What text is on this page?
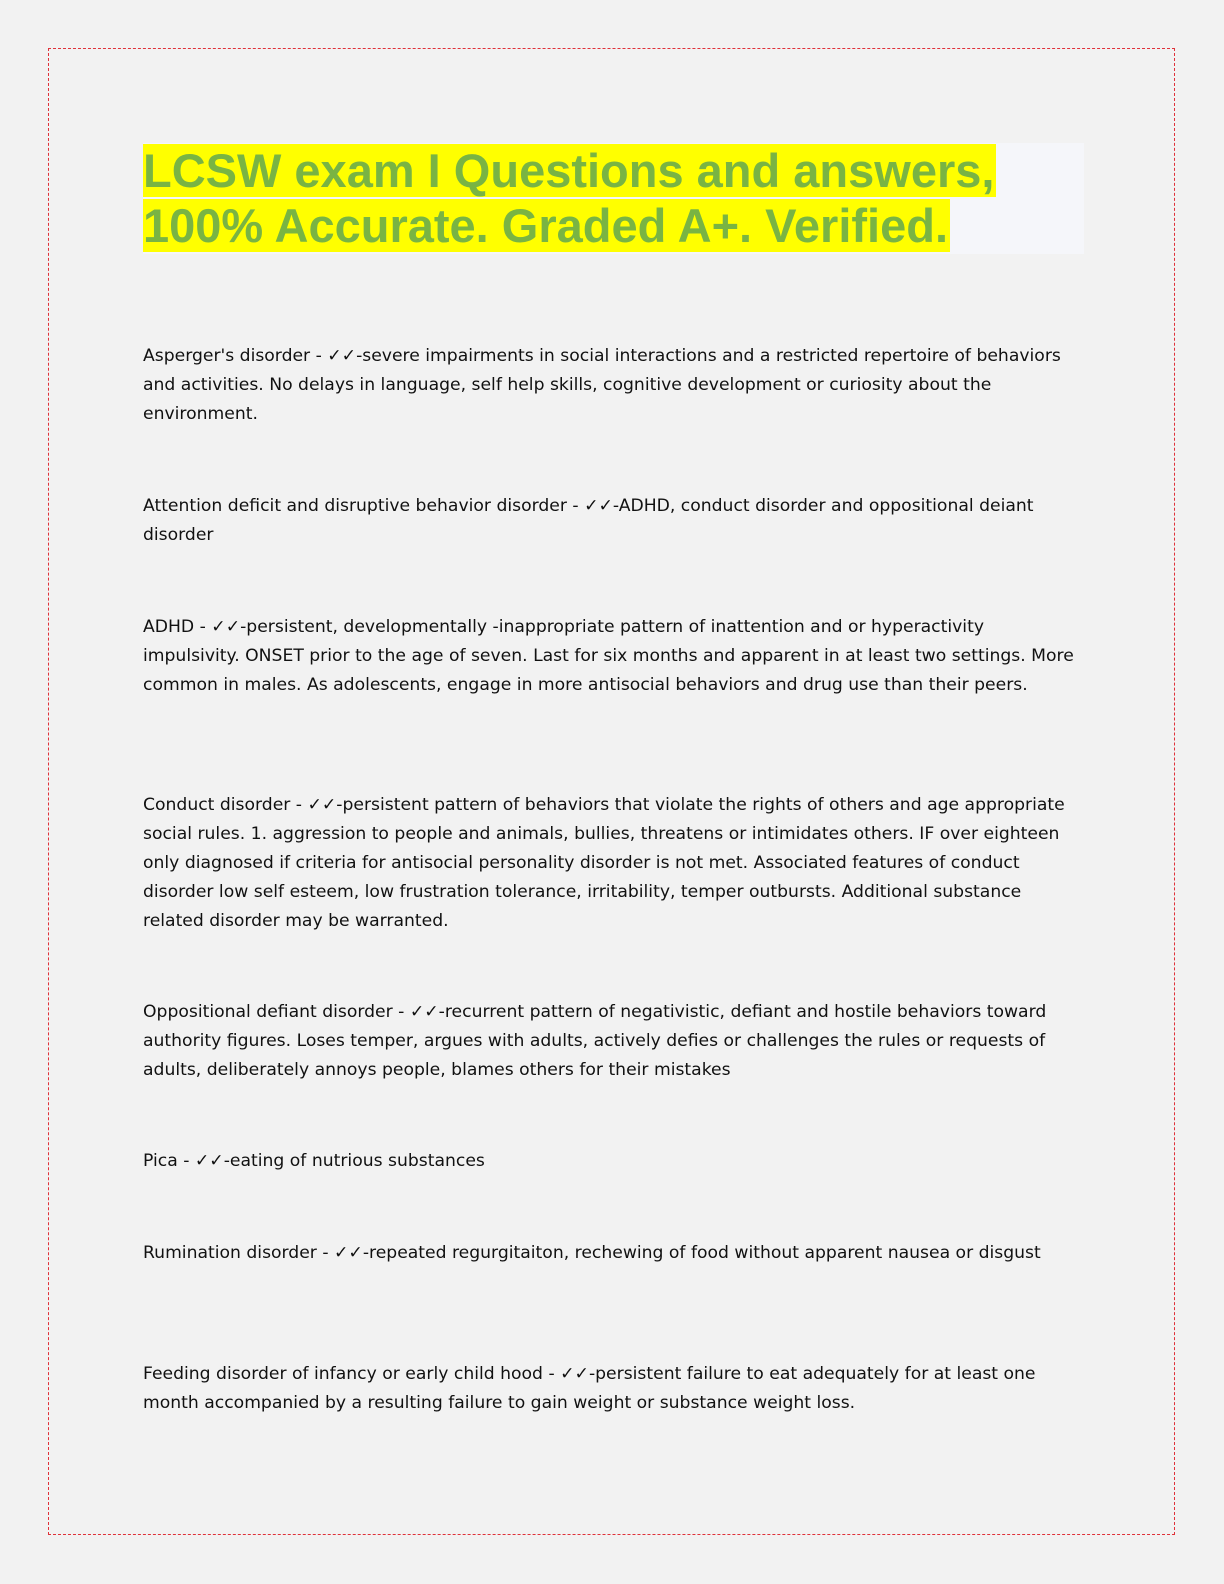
LCSW exam I Questions and answers,

100% Accurate. Graded A+. Verified.

Asperger's disorder - ✓✓-severe impairments in social interactions and a restricted repertoire of behaviors and activities. No delays in language, self help skills, cognitive development or curiosity about the environment.

Attention deficit and disruptive behavior disorder - ✓✓-ADHD, conduct disorder and oppositional deiant disorder

ADHD - ✓✓-persistent, developmentally -inappropriate pattern of inattention and or hyperactivity impulsivity. ONSET prior to the age of seven. Last for six months and apparent in at least two settings. More common in males. As adolescents, engage in more antisocial behaviors and drug use than their peers.

Conduct disorder - ✓✓-persistent pattern of behaviors that violate the rights of others and age appropriate social rules. 1. aggression to people and animals, bullies, threatens or intimidates others. IF over eighteen only diagnosed if criteria for antisocial personality disorder is not met. Associated features of conduct disorder low self esteem, low frustration tolerance, irritability, temper outbursts. Additional substance related disorder may be warranted.

Oppositional defiant disorder - ✓✓-recurrent pattern of negativistic, defiant and hostile behaviors toward authority figures. Loses temper, argues with adults, actively defies or challenges the rules or requests of adults, deliberately annoys people, blames others for their mistakes

Pica - ✓✓-eating of nutrious substances

Rumination disorder - ✓✓-repeated regurgitaiton, rechewing of food without apparent nausea or disgust

Feeding disorder of infancy or early child hood - ✓✓-persistent failure to eat adequately for at least one month accompanied by a resulting failure to gain weight or substance weight loss.
